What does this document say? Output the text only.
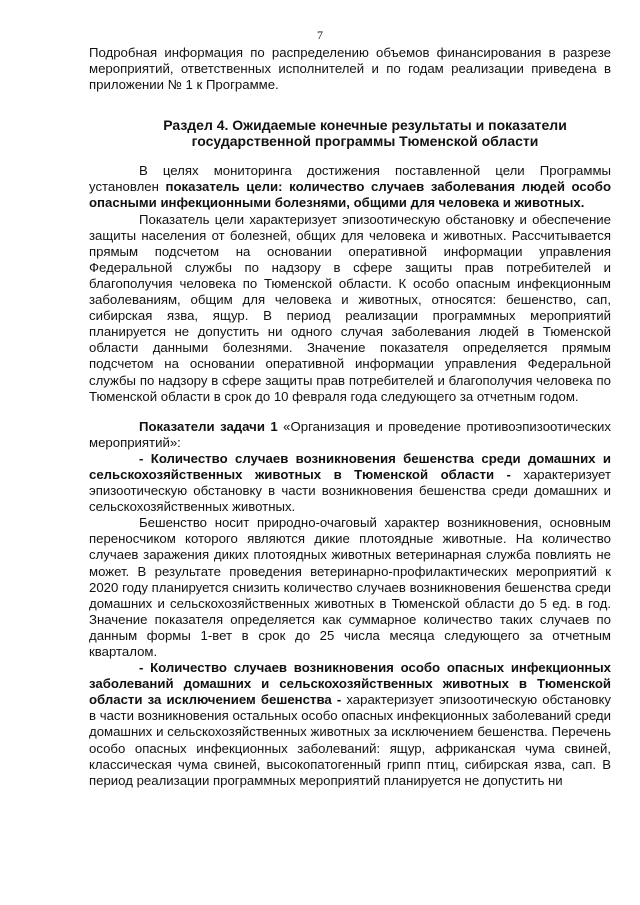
7

Подробная информация по распределению объемов финансирования в разрезе мероприятий, ответственных исполнителей и по годам реализации приведена в приложении № 1 к Программе.

Раздел 4. Ожидаемые конечные результаты и показатели
государственной программы Тюменской области

В целях мониторинга достижения поставленной цели Программы установлен показатель цели: количество случаев заболевания людей особо опасными инфекционными болезнями, общими для человека и животных.

Показатель цели характеризует эпизоотическую обстановку и обеспечение защиты населения от болезней, общих для человека и животных. Рассчитывается прямым подсчетом на основании оперативной информации управления Федеральной службы по надзору в сфере защиты прав потребителей и благополучия человека по Тюменской области. К особо опасным инфекционным заболеваниям, общим для человека и животных, относятся: бешенство, сап, сибирская язва, ящур. В период реализации программных мероприятий планируется не допустить ни одного случая заболевания людей в Тюменской области данными болезнями. Значение показателя определяется прямым подсчетом на основании оперативной информации управления Федеральной службы по надзору в сфере защиты прав потребителей и благополучия человека по Тюменской области в срок до 10 февраля года следующего за отчетным годом.

Показатели задачи 1 «Организация и проведение противоэпизоотических мероприятий»:

- Количество случаев возникновения бешенства среди домашних и сельскохозяйственных животных в Тюменской области - характеризует эпизоотическую обстановку в части возникновения бешенства среди домашних и сельскохозяйственных животных.

Бешенство носит природно-очаговый характер возникновения, основным переносчиком которого являются дикие плотоядные животные. На количество случаев заражения диких плотоядных животных ветеринарная служба повлиять не может. В результате проведения ветеринарно-профилактических мероприятий к 2020 году планируется снизить количество случаев возникновения бешенства среди домашних и сельскохозяйственных животных в Тюменской области до 5 ед. в год. Значение показателя определяется как суммарное количество таких случаев по данным формы 1-вет в срок до 25 числа месяца следующего за отчетным кварталом.

- Количество случаев возникновения особо опасных инфекционных заболеваний домашних и сельскохозяйственных животных в Тюменской области за исключением бешенства - характеризует эпизоотическую обстановку в части возникновения остальных особо опасных инфекционных заболеваний среди домашних и сельскохозяйственных животных за исключением бешенства. Перечень особо опасных инфекционных заболеваний: ящур, африканская чума свиней, классическая чума свиней, высокопатогенный грипп птиц, сибирская язва, сап. В период реализации программных мероприятий планируется не допустить ни
